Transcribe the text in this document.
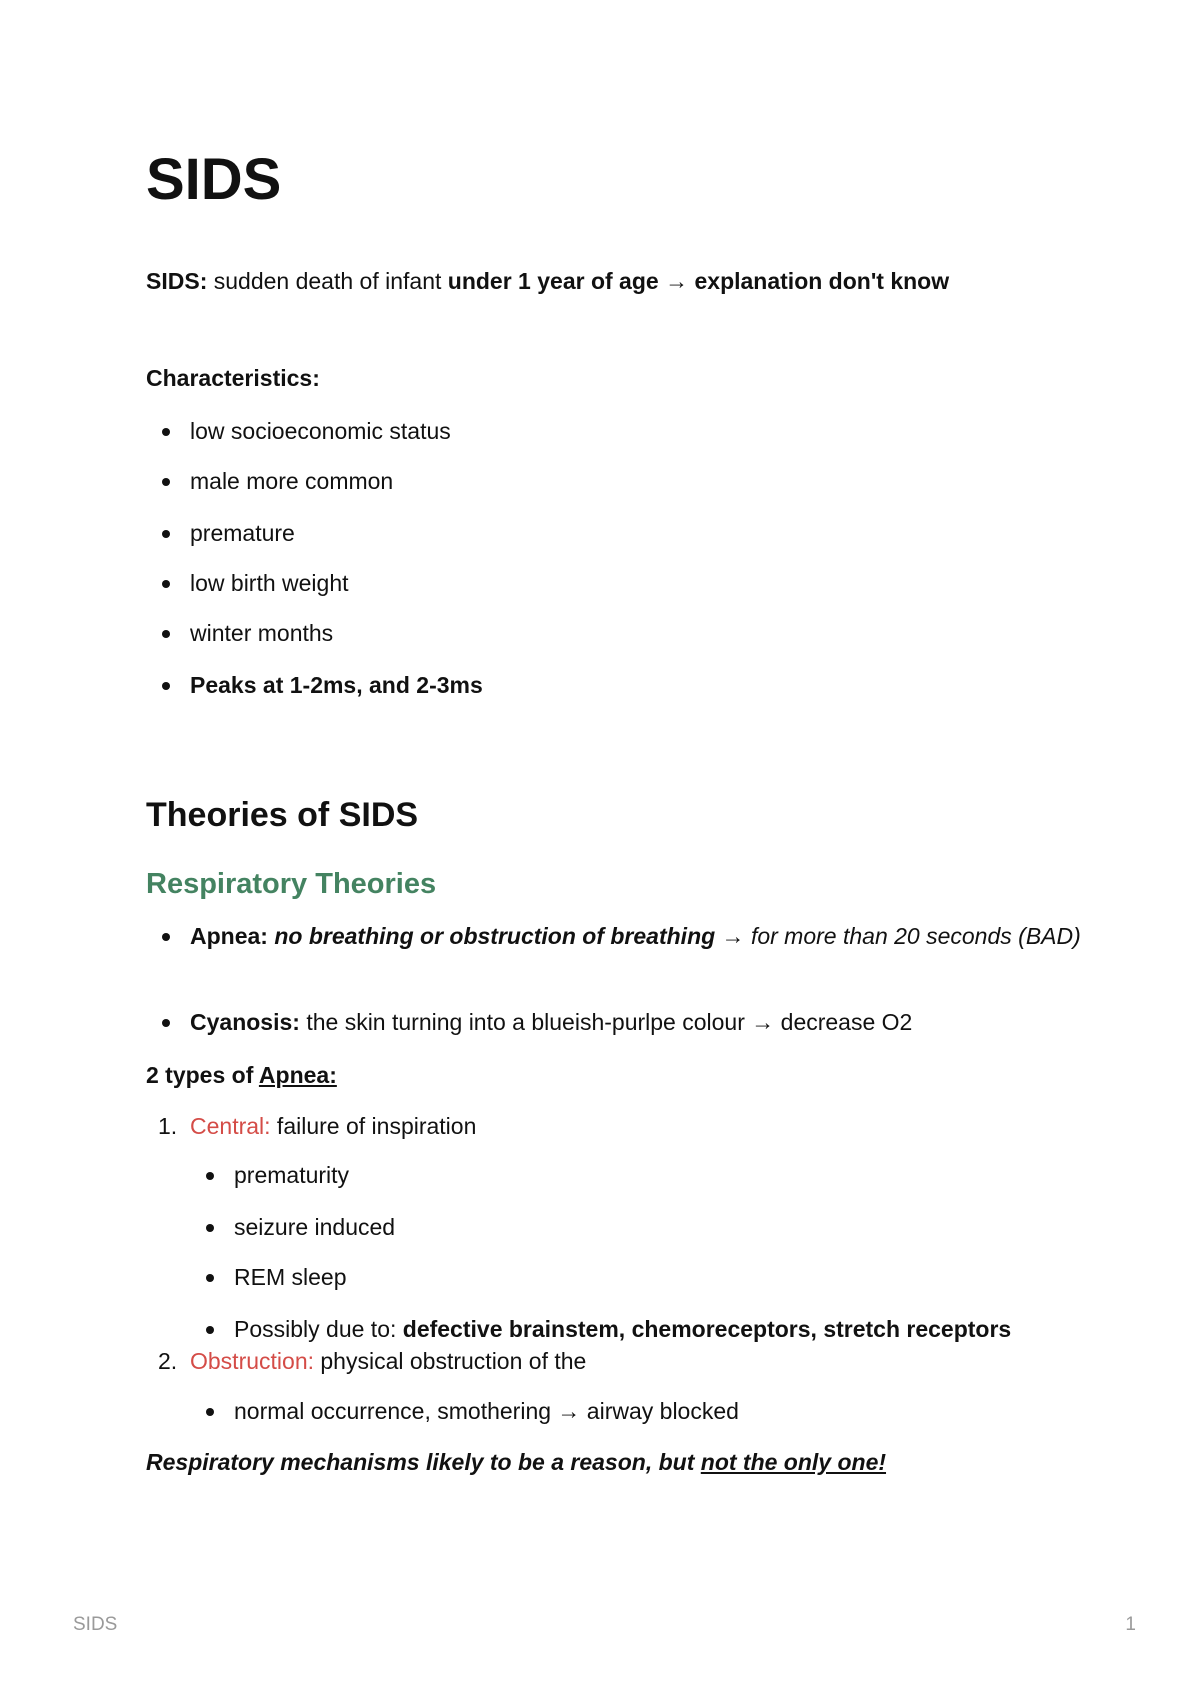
SIDS

SIDS: sudden death of infant under 1 year of age → explanation don't know

Characteristics:

low socioeconomic status
male more common
premature
low birth weight
winter months
Peaks at 1-2ms, and 2-3ms
Theories of SIDS
Respiratory Theories
Apnea: no breathing or obstruction of breathing → for more than 20 seconds (BAD)
Cyanosis: the skin turning into a blueish-purlpe colour → decrease O2

2 types of Apnea:

1. Central: failure of inspiration
2. Obstruction: physical obstruction of the
prematurity
seizure induced
REM sleep
Possibly due to: defective brainstem, chemoreceptors, stretch receptors
normal occurrence, smothering → airway blocked

Respiratory mechanisms likely to be a reason, but not the only one!

SIDS	1
